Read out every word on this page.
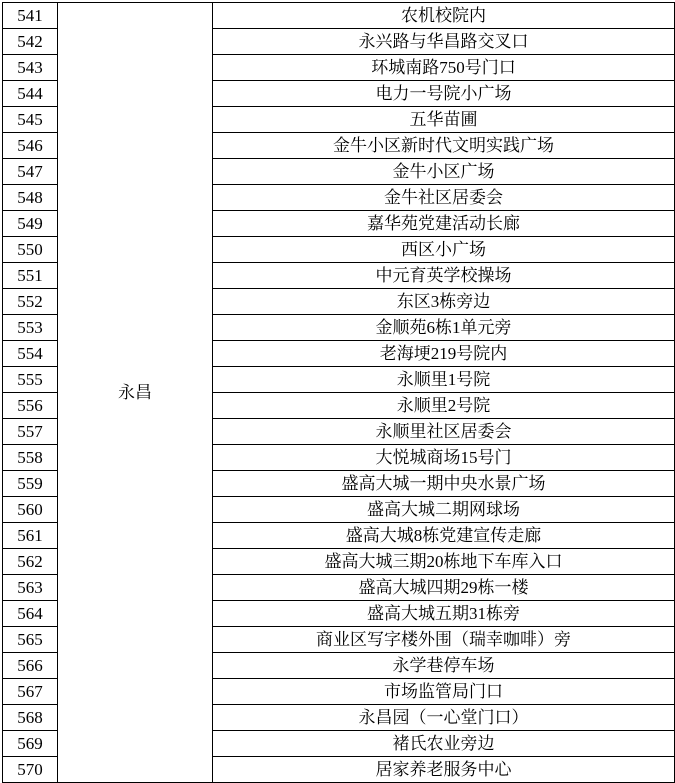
541	永昌	农机校院内
542		永兴路与华昌路交叉口
543		环城南路750号门口
544		电力一号院小广场
545		五华苗圃
546		金牛小区新时代文明实践广场
547		金牛小区广场
548		金牛社区居委会
549		嘉华苑党建活动长廊
550		西区小广场
551		中元育英学校操场
552		东区3栋旁边
553		金顺苑6栋1单元旁
554		老海埂219号院内
555		永顺里1号院
556		永顺里2号院
557		永顺里社区居委会
558		大悦城商场15号门
559		盛高大城一期中央水景广场
560		盛高大城二期网球场
561		盛高大城8栋党建宣传走廊
562		盛高大城三期20栋地下车库入口
563		盛高大城四期29栋一楼
564		盛高大城五期31栋旁
565		商业区写字楼外围（瑞幸咖啡）旁
566		永学巷停车场
567		市场监管局门口
568		永昌园（一心堂门口）
569		褚氏农业旁边
570		居家养老服务中心
